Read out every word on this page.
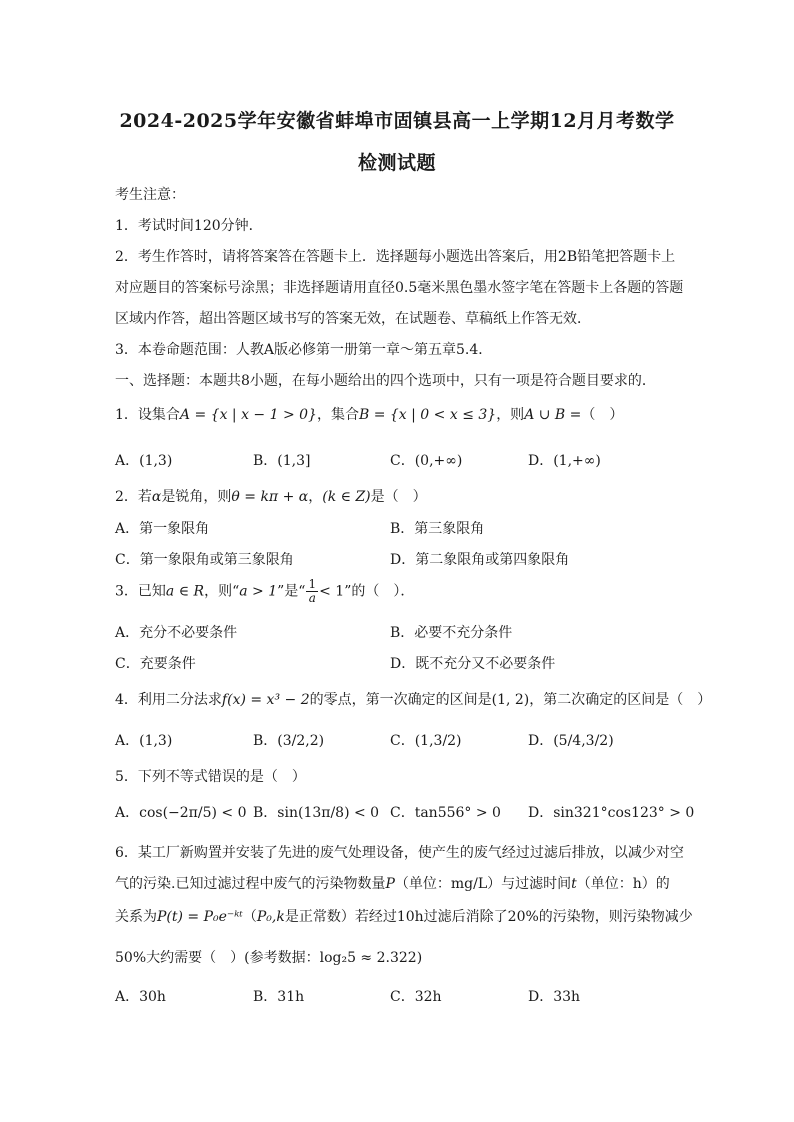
2024-2025学年安徽省蚌埠市固镇县高一上学期12月月考数学
检测试题
考生注意：
1．考试时间120分钟．
2．考生作答时，请将答案答在答题卡上．选择题每小题选出答案后，用2B铅笔把答题卡上
对应题目的答案标号涂黑；非选择题请用直径0.5毫米黑色墨水签字笔在答题卡上各题的答题
区域内作答，超出答题区域书写的答案无效，在试题卷、草稿纸上作答无效．
3．本卷命题范围：人教A版必修第一册第一章～第五章5.4．
一、选择题：本题共8小题，在每小题给出的四个选项中，只有一项是符合题目要求的．
1．设集合A = {x | x − 1 > 0}，集合B = {x | 0 < x ≤ 3}，则A ∪ B =（　）
A．(1,3)	B．(1,3]	C．(0,+∞)	D．(1,+∞)
2．若α是锐角，则θ = kπ + α，(k ∈ Z)是（　）
A．第一象限角	B．第三象限角
C．第一象限角或第三象限角	D．第二象限角或第四象限角
3．已知a ∈ R，则“a > 1”是“ $\frac{1}{a} < 1$”的（　）．
A．充分不必要条件	B．必要不充分条件
C．充要条件	D．既不充分又不必要条件
4．利用二分法求f(x) = x³ − 2的零点，第一次确定的区间是(1, 2)，第二次确定的区间是（　）
A．(1,3)	B．(3/2,2)	C．(1,3/2)	D．(5/4,3/2)
5．下列不等式错误的是（　）
A．cos(−2π/5) < 0 B．sin(13π/8) < 0 C．tan556° > 0 D．sin321°cos123° > 0
6．某工厂新购置并安装了先进的废气处理设备，使产生的废气经过过滤后排放，以减少对空
气的污染.已知过滤过程中废气的污染物数量P（单位：mg/L）与过滤时间t（单位：h）的
关系为P(t) = P₀e⁻ᵏᵗ（P₀,k是正常数）若经过10h过滤后消除了20%的污染物，则污染物减少
50%大约需要（　）(参考数据：log₂5 ≈ 2.322)
A．30h	B．31h	C．32h	D．33h
